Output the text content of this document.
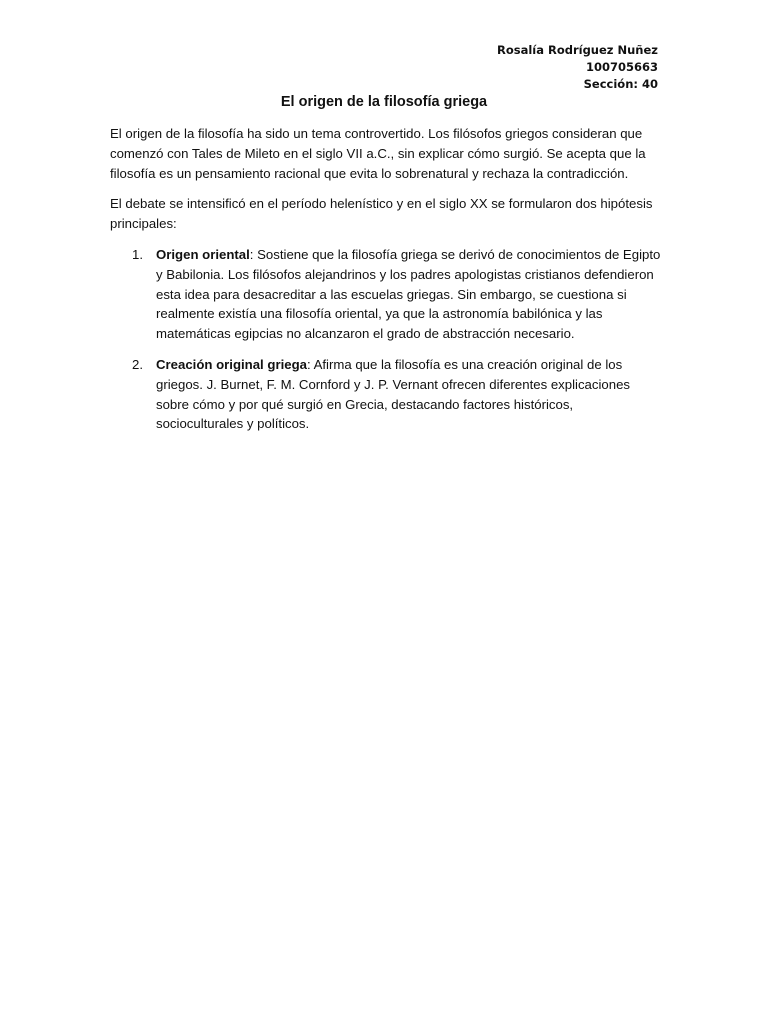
Rosalía Rodríguez Nuñez
100705663
Sección: 40
El origen de la filosofía griega

El origen de la filosofía ha sido un tema controvertido. Los filósofos griegos consideran que comenzó con Tales de Mileto en el siglo VII a.C., sin explicar cómo surgió. Se acepta que la filosofía es un pensamiento racional que evita lo sobrenatural y rechaza la contradicción.

El debate se intensificó en el período helenístico y en el siglo XX se formularon dos hipótesis principales:

1. Origen oriental: Sostiene que la filosofía griega se derivó de conocimientos de Egipto y Babilonia. Los filósofos alejandrinos y los padres apologistas cristianos defendieron esta idea para desacreditar a las escuelas griegas. Sin embargo, se cuestiona si realmente existía una filosofía oriental, ya que la astronomía babilónica y las matemáticas egipcias no alcanzaron el grado de abstracción necesario.
2. Creación original griega: Afirma que la filosofía es una creación original de los griegos. J. Burnet, F. M. Cornford y J. P. Vernant ofrecen diferentes explicaciones sobre cómo y por qué surgió en Grecia, destacando factores históricos, socioculturales y políticos.
